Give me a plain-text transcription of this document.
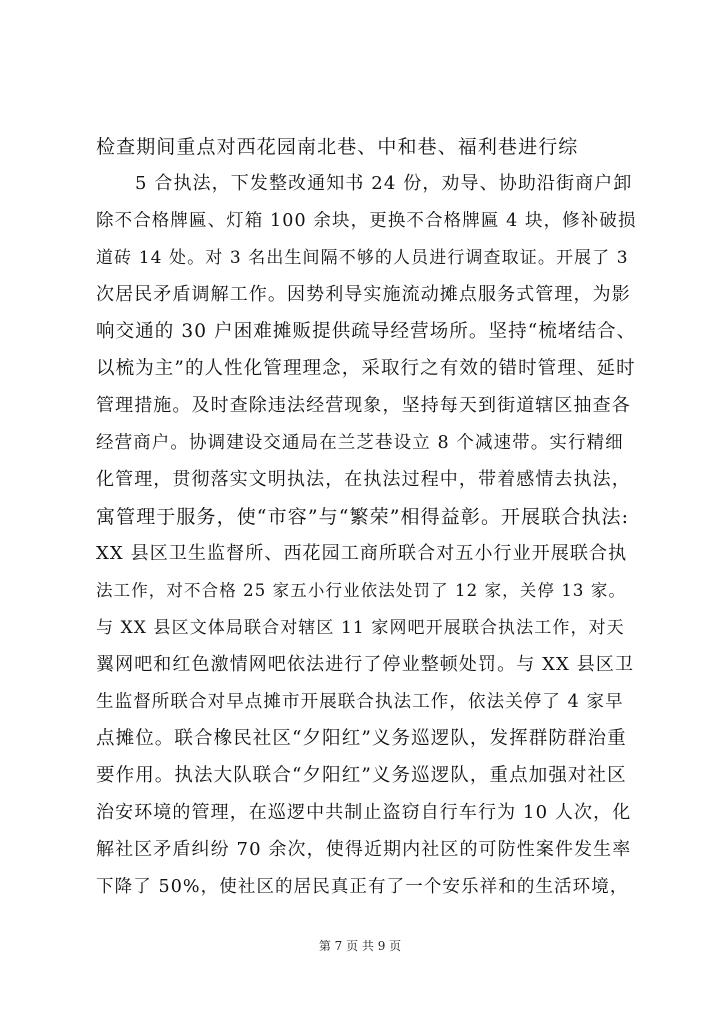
检查期间重点对西花园南北巷、中和巷、福利巷进行综
5 合执法，下发整改通知书 24 份，劝导、协助沿街商户卸
除不合格牌匾、灯箱 100 余块，更换不合格牌匾 4 块，修补破损
道砖 14 处。对 3 名出生间隔不够的人员进行调查取证。开展了 3
次居民矛盾调解工作。因势利导实施流动摊点服务式管理，为影
响交通的 30 户困难摊贩提供疏导经营场所。坚持“梳堵结合、
以梳为主”的人性化管理理念，采取行之有效的错时管理、延时
管理措施。及时查除违法经营现象，坚持每天到街道辖区抽查各
经营商户。协调建设交通局在兰芝巷设立 8 个减速带。实行精细
化管理，贯彻落实文明执法，在执法过程中，带着感情去执法，
寓管理于服务，使“市容”与“繁荣”相得益彰。开展联合执法:
XX 县区卫生监督所、西花园工商所联合对五小行业开展联合执
法工作，对不合格 25 家五小行业依法处罚了 12 家，关停 13 家。
与 XX 县区文体局联合对辖区 11 家网吧开展联合执法工作，对天
翼网吧和红色激情网吧依法进行了停业整顿处罚。与 XX 县区卫
生监督所联合对早点摊市开展联合执法工作，依法关停了 4 家早
点摊位。联合橡民社区“夕阳红”义务巡逻队，发挥群防群治重
要作用。执法大队联合“夕阳红”义务巡逻队，重点加强对社区
治安环境的管理，在巡逻中共制止盗窃自行车行为 10 人次，化
解社区矛盾纠纷 70 余次，使得近期内社区的可防性案件发生率
下降了 50%，使社区的居民真正有了一个安乐祥和的生活环境，
第 7 页 共 9 页
